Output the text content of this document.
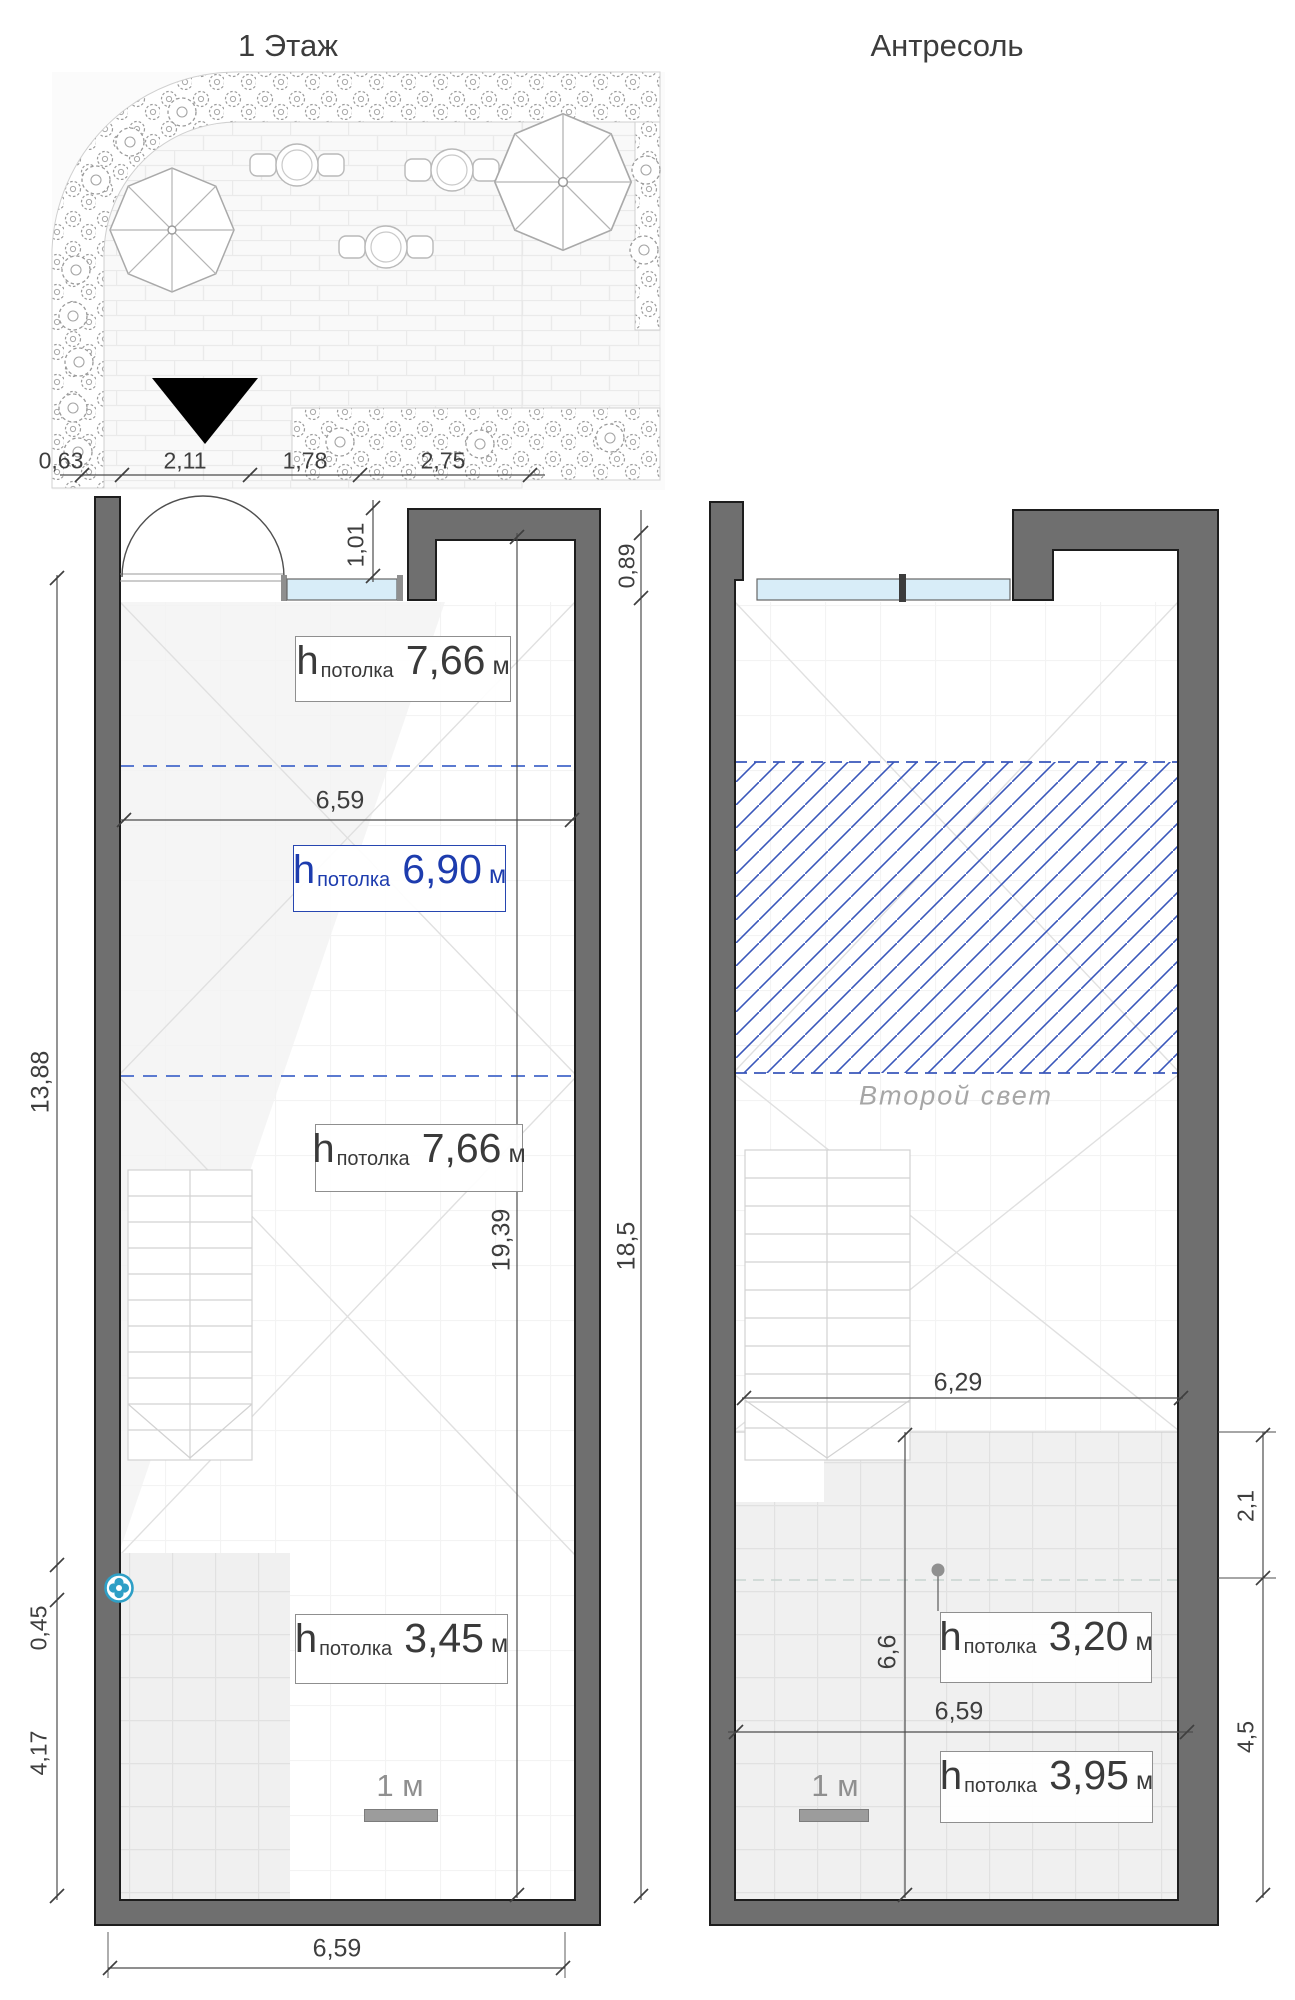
1 Этаж	Антресоль
0,63	2,11	1,78	2,75
1,01	0,89
6,59
19,39
13,88
0,45
4,17
18,5
6,59
Второй свет
6,29
6,6
6,59
2,1
4,5
h потолка 7,66 м
h потолка 6,90 м
h потолка 7,66 м
h потолка 3,45 м	h потолка 3,20 м
h потолка 3,95 м
1 м	1 м
